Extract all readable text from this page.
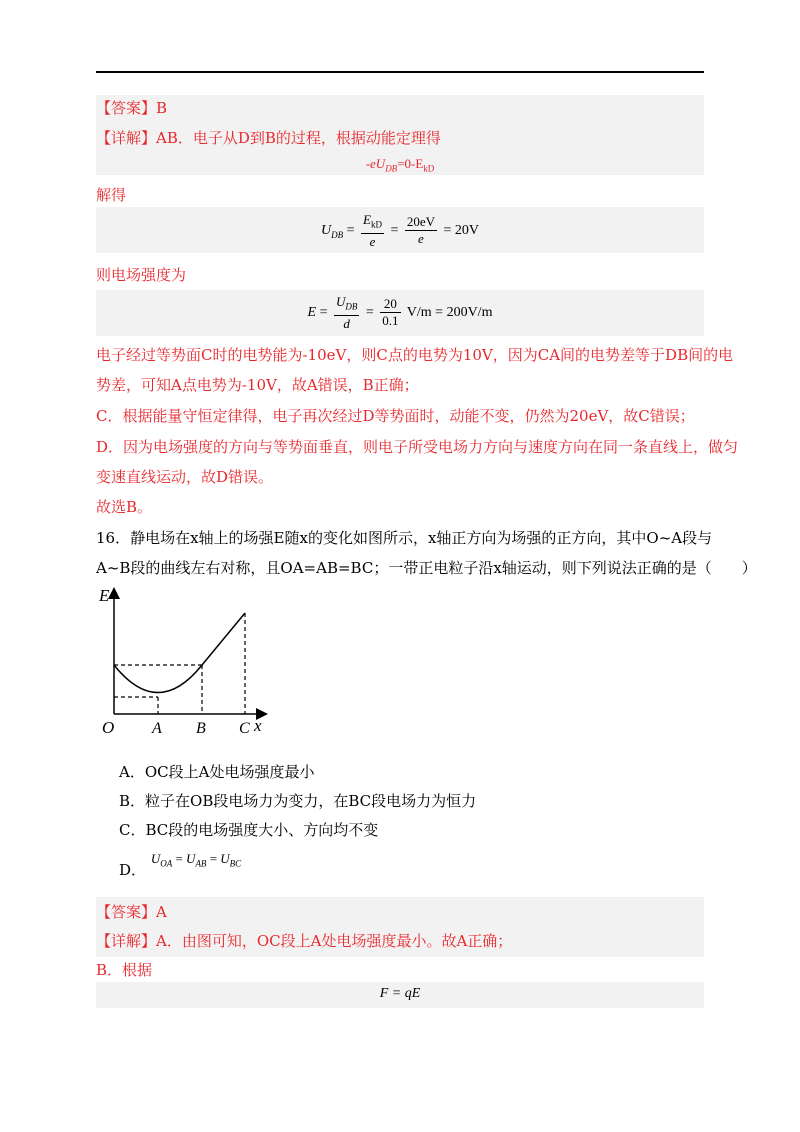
【答案】B
【详解】AB．电子从D到B的过程，根据动能定理得
$-eU_{DB}=0-E_{kD}$
解得
$U_{DB} = \frac{E_{kD}}{e} = \frac{20eV}{e} = 20V$
则电场强度为
$E = \frac{U_{DB}}{d} = \frac{20}{0.1} V/m = 200V/m$
电子经过等势面C时的电势能为-10eV，则C点的电势为10V，因为CA间的电势差等于DB间的电
势差，可知A点电势为-10V，故A错误，B正确；
C．根据能量守恒定律得，电子再次经过D等势面时，动能不变，仍然为20eV，故C错误；
D．因为电场强度的方向与等势面垂直，则电子所受电场力方向与速度方向在同一条直线上，做匀
变速直线运动，故D错误。
故选B。
16．静电场在x轴上的场强E随x的变化如图所示，x轴正方向为场强的正方向，其中O~A段与
A~B段的曲线左右对称，且OA=AB=BC；一带正电粒子沿x轴运动，则下列说法正确的是（　　）
E
x
O A B C
A．OC段上A处电场强度最小
B．粒子在OB段电场力为变力，在BC段电场力为恒力
C．BC段的电场强度大小、方向均不变
D． $U_{OA} = U_{AB} = U_{BC}$
【答案】A
【详解】A．由图可知，OC段上A处电场强度最小。故A正确；
B．根据
F = qE
